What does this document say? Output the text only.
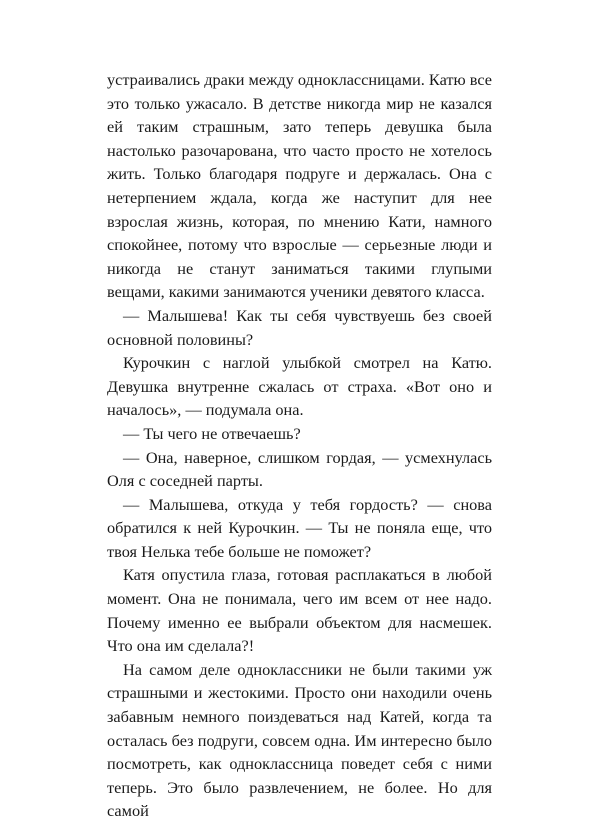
устраивались драки между одноклассницами. Катю все это только ужасало. В детстве никогда мир не казался ей таким страшным, зато теперь девушка была настолько разочарована, что часто просто не хотелось жить. Только благодаря подруге и держалась. Она с нетерпением ждала, когда же наступит для нее взрослая жизнь, которая, по мнению Кати, намного спокойнее, потому что взрослые — серьезные люди и никогда не станут заниматься такими глупыми вещами, какими занимаются ученики девятого класса.

— Малышева! Как ты себя чувствуешь без своей основной половины?

Курочкин с наглой улыбкой смотрел на Катю. Девушка внутренне сжалась от страха. «Вот оно и началось», — подумала она.

— Ты чего не отвечаешь?

— Она, наверное, слишком гордая, — усмехнулась Оля с соседней парты.

— Малышева, откуда у тебя гордость? — снова обратился к ней Курочкин. — Ты не поняла еще, что твоя Нелька тебе больше не поможет?

Катя опустила глаза, готовая расплакаться в любой момент. Она не понимала, чего им всем от нее надо. Почему именно ее выбрали объектом для насмешек. Что она им сделала?!

На самом деле одноклассники не были такими уж страшными и жестокими. Просто они находили очень забавным немного поиздеваться над Катей, когда та осталась без подруги, совсем одна. Им интересно было посмотреть, как одноклассница поведет себя с ними теперь. Это было развлечением, не более. Но для самой
